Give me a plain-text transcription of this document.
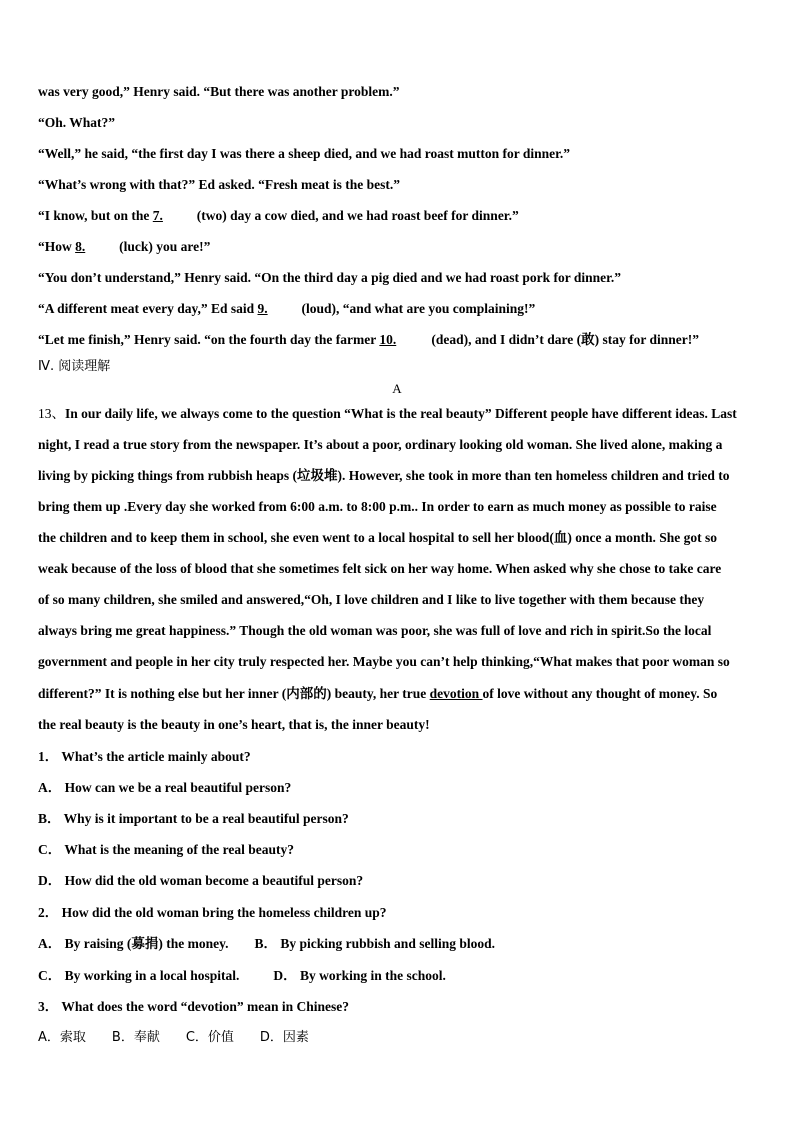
was very good,” Henry said. “But there was another problem.”
“Oh. What?”
“Well,” he said, “the first day I was there a sheep died, and we had roast mutton for dinner.”
“What’s wrong with that?” Ed asked. “Fresh meat is the best.”
“I know, but on the 7.	(two) day a cow died, and we had roast beef for dinner.”
“How 8.	(luck) you are!”
“You don’t understand,” Henry said. “On the third day a pig died and we had roast pork for dinner.”
“A different meat every day,” Ed said 9.	(loud), “and what are you complaining!”
“Let me finish,” Henry said. “on the fourth day the farmer 10.	(dead), and I didn’t dare (敢) stay for dinner!”
Ⅳ. 阅读理解
A
13、In our daily life, we always come to the question “What is the real beauty” Different people have different ideas. Last
night, I read a true story from the newspaper. It’s about a poor, ordinary looking old woman. She lived alone, making a
living by picking things from rubbish heaps (垃圾堆). However, she took in more than ten homeless children and tried to
bring them up .Every day she worked from 6:00 a.m. to 8:00 p.m.. In order to earn as much money as possible to raise
the children and to keep them in school, she even went to a local hospital to sell her blood(血) once a month. She got so
weak because of the loss of blood that she sometimes felt sick on her way home. When asked why she chose to take care
of so many children, she smiled and answered,“Oh, I love children and I like to live together with them because they
always bring me great happiness.” Though the old woman was poor, she was full of love and rich in spirit.So the local
government and people in her city truly respected her. Maybe you can’t help thinking,“What makes that poor woman so
different?” It is nothing else but her inner (内部的) beauty, her true devotion of love without any thought of money. So
the real beauty is the beauty in one’s heart, that is, the inner beauty!
1． What’s the article mainly about?
A． How can we be a real beautiful person?
B． Why is it important to be a real beautiful person?
C． What is the meaning of the real beauty?
D． How did the old woman become a beautiful person?
2． How did the old woman bring the homeless children up?
A． By raising (募捐) the money. B． By picking rubbish and selling blood.
C． By working in a local hospital.	D． By working in the school.
3． What does the word “devotion” mean in Chinese?
A．索取 B．奉献 C．价值 D．因素
